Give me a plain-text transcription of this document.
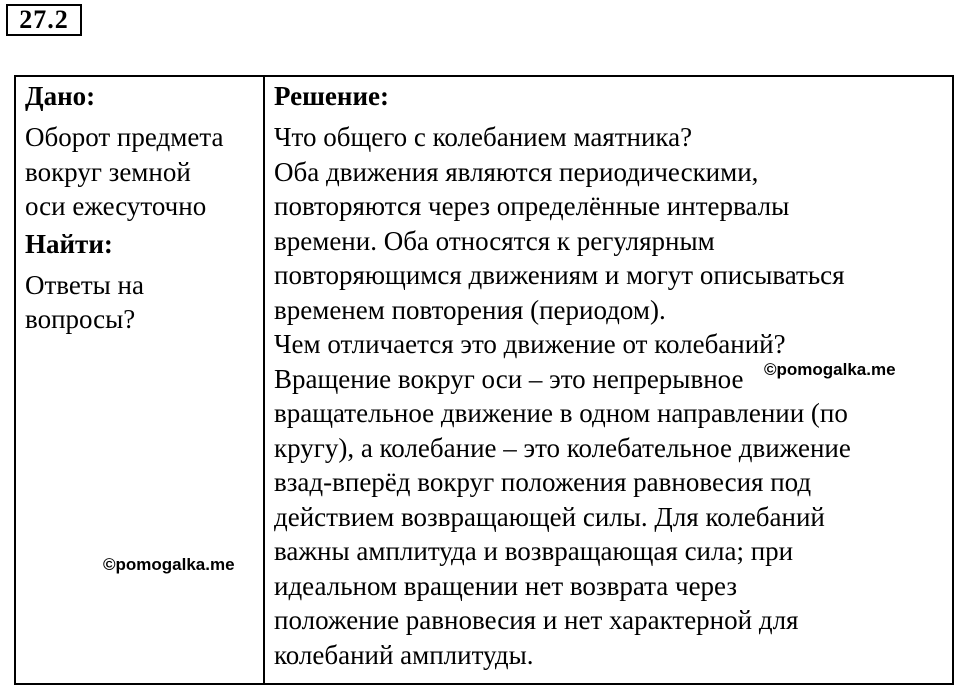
27.2

Дано:

Оборот предмета
вокруг земной
оси ежесуточно

Найти:

Ответы на
вопросы?

Решение:

Что общего с колебанием маятника?
Оба движения являются периодическими,
повторяются через определённые интервалы
времени. Оба относятся к регулярным
повторяющимся движениям и могут описываться
временем повторения (периодом).
Чем отличается это движение от колебаний?
Вращение вокруг оси – это непрерывное
вращательное движение в одном направлении (по
кругу), а колебание – это колебательное движение
взад-вперёд вокруг положения равновесия под
действием возвращающей силы. Для колебаний
важны амплитуда и возвращающая сила; при
идеальном вращении нет возврата через
положение равновесия и нет характерной для
колебаний амплитуды.

©pomogalka.me
©pomogalka.me
